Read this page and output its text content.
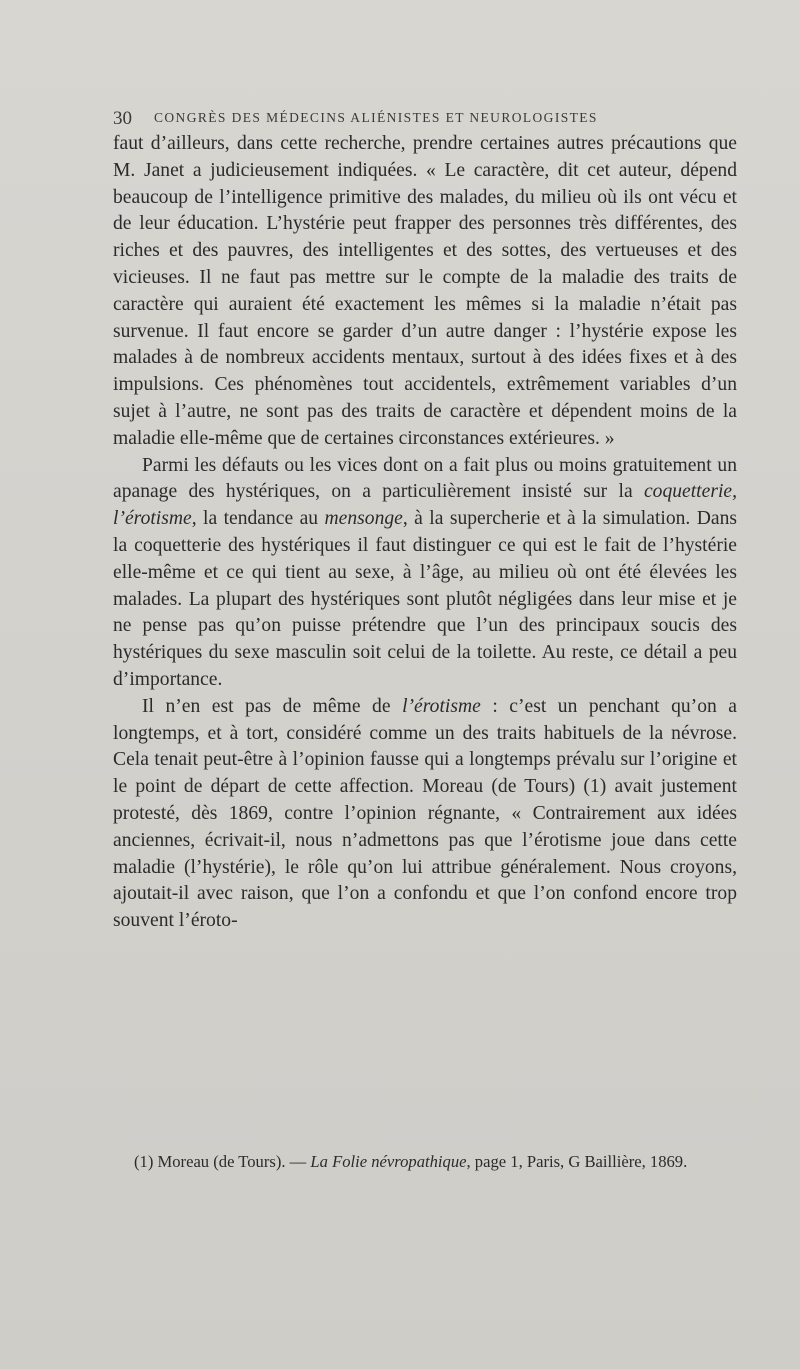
30 CONGRÈS DES MÉDECINS ALIÉNISTES ET NEUROLOGISTES

faut d’ailleurs, dans cette recherche, prendre certaines autres précautions que M. Janet a judicieusement indiquées. « Le caractère, dit cet auteur, dépend beaucoup de l’intelligence primitive des malades, du milieu où ils ont vécu et de leur éducation. L’hystérie peut frapper des personnes très différentes, des riches et des pauvres, des intelligentes et des sottes, des vertueuses et des vicieuses. Il ne faut pas mettre sur le compte de la maladie des traits de caractère qui auraient été exactement les mêmes si la maladie n’était pas survenue. Il faut encore se garder d’un autre danger : l’hystérie expose les malades à de nombreux accidents mentaux, surtout à des idées fixes et à des impulsions. Ces phénomènes tout accidentels, extrêmement variables d’un sujet à l’autre, ne sont pas des traits de caractère et dépendent moins de la maladie elle-même que de certaines circonstances extérieures. »

Parmi les défauts ou les vices dont on a fait plus ou moins gratuitement un apanage des hystériques, on a particulièrement insisté sur la coquetterie, l’érotisme, la tendance au mensonge, à la supercherie et à la simulation. Dans la coquetterie des hystériques il faut distinguer ce qui est le fait de l’hystérie elle-même et ce qui tient au sexe, à l’âge, au milieu où ont été élevées les malades. La plupart des hystériques sont plutôt négligées dans leur mise et je ne pense pas qu’on puisse prétendre que l’un des principaux soucis des hystériques du sexe masculin soit celui de la toilette. Au reste, ce détail a peu d’importance.

Il n’en est pas de même de l’érotisme : c’est un penchant qu’on a longtemps, et à tort, considéré comme un des traits habituels de la névrose. Cela tenait peut-être à l’opinion fausse qui a longtemps prévalu sur l’origine et le point de départ de cette affection. Moreau (de Tours) (1) avait justement protesté, dès 1869, contre l’opinion régnante, « Contrairement aux idées anciennes, écrivait-il, nous n’admettons pas que l’érotisme joue dans cette maladie (l’hystérie), le rôle qu’on lui attribue généralement. Nous croyons, ajoutait-il avec raison, que l’on a confondu et que l’on confond encore trop souvent l’éroto-

(1) Moreau (de Tours). — La Folie névropathique, page 1, Paris, G Baillière, 1869.
